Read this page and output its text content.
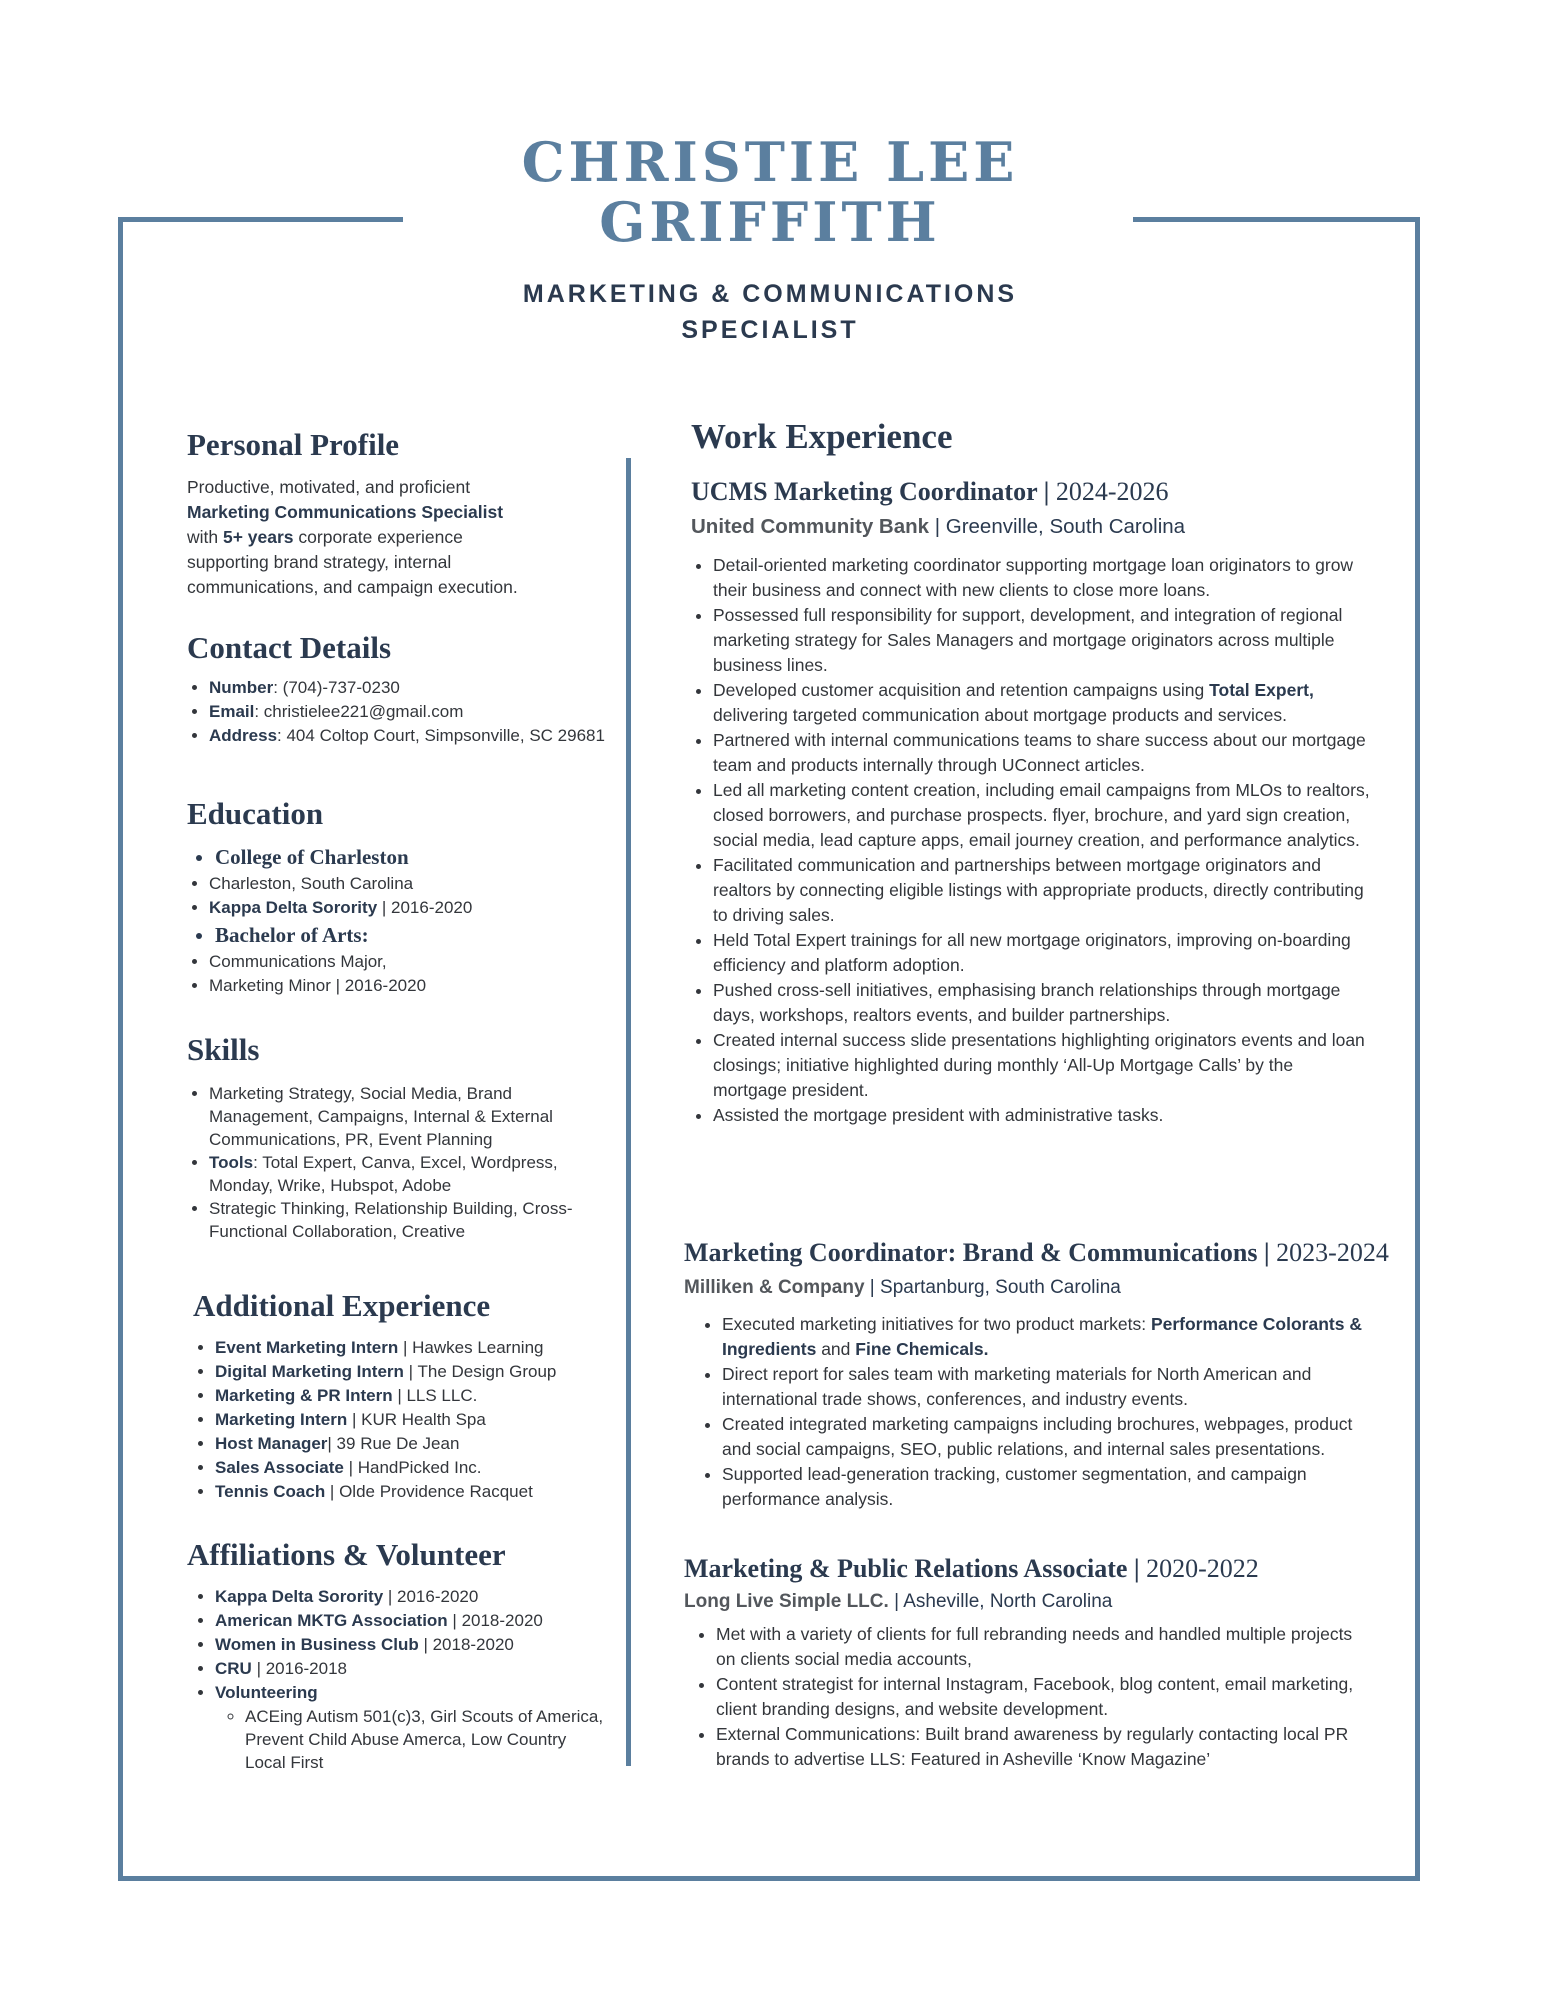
CHRISTIE LEE
GRIFFITH
MARKETING & COMMUNICATIONS
SPECIALIST
Personal Profile

Productive, motivated, and proficient
Marketing Communications Specialist
with 5+ years corporate experience
supporting brand strategy, internal
communications, and campaign execution.

Contact Details
• Number: (704)-737-0230
• Email: christielee221@gmail.com
• Address: 404 Coltop Court, Simpsonville, SC 29681
Education
• College of Charleston
• Charleston, South Carolina
• Kappa Delta Sorority | 2016-2020
• Bachelor of Arts:
• Communications Major,
• Marketing Minor | 2016-2020
Skills
• Marketing Strategy, Social Media, Brand Management, Campaigns, Internal & External Communications, PR, Event Planning
• Tools: Total Expert, Canva, Excel, Wordpress, Monday, Wrike, Hubspot, Adobe
• Strategic Thinking, Relationship Building, Cross-Functional Collaboration, Creative
Additional Experience
• Event Marketing Intern | Hawkes Learning
• Digital Marketing Intern | The Design Group
• Marketing & PR Intern | LLS LLC.
• Marketing Intern | KUR Health Spa
• Host Manager| 39 Rue De Jean
• Sales Associate | HandPicked Inc.
• Tennis Coach | Olde Providence Racquet
Affiliations & Volunteer
• Kappa Delta Sorority | 2016-2020
• American MKTG Association | 2018-2020
• Women in Business Club | 2018-2020
• CRU | 2016-2018
• Volunteering
◦ ACEing Autism 501(c)3, Girl Scouts of America, Prevent Child Abuse Amerca, Low Country Local First
Work Experience
UCMS Marketing Coordinator | 2024-2026

United Community Bank | Greenville, South Carolina

• Detail-oriented marketing coordinator supporting mortgage loan originators to grow their business and connect with new clients to close more loans.
• Possessed full responsibility for support, development, and integration of regional marketing strategy for Sales Managers and mortgage originators across multiple business lines.
• Developed customer acquisition and retention campaigns using Total Expert, delivering targeted communication about mortgage products and services.
• Partnered with internal communications teams to share success about our mortgage team and products internally through UConnect articles.
• Led all marketing content creation, including email campaigns from MLOs to realtors, closed borrowers, and purchase prospects. flyer, brochure, and yard sign creation, social media, lead capture apps, email journey creation, and performance analytics.
• Facilitated communication and partnerships between mortgage originators and realtors by connecting eligible listings with appropriate products, directly contributing to driving sales.
• Held Total Expert trainings for all new mortgage originators, improving on-boarding efficiency and platform adoption.
• Pushed cross-sell initiatives, emphasising branch relationships through mortgage days, workshops, realtors events, and builder partnerships.
• Created internal success slide presentations highlighting originators events and loan closings; initiative highlighted during monthly ‘All-Up Mortgage Calls’ by the mortgage president.
• Assisted the mortgage president with administrative tasks.
Marketing Coordinator: Brand & Communications | 2023-2024

Milliken & Company | Spartanburg, South Carolina

• Executed marketing initiatives for two product markets: Performance Colorants & Ingredients and Fine Chemicals.
• Direct report for sales team with marketing materials for North American and international trade shows, conferences, and industry events.
• Created integrated marketing campaigns including brochures, webpages, product and social campaigns, SEO, public relations, and internal sales presentations.
• Supported lead-generation tracking, customer segmentation, and campaign performance analysis.
Marketing & Public Relations Associate | 2020-2022

Long Live Simple LLC. | Asheville, North Carolina

• Met with a variety of clients for full rebranding needs and handled multiple projects on clients social media accounts,
• Content strategist for internal Instagram, Facebook, blog content, email marketing, client branding designs, and website development.
• External Communications: Built brand awareness by regularly contacting local PR brands to advertise LLS: Featured in Asheville ‘Know Magazine’
